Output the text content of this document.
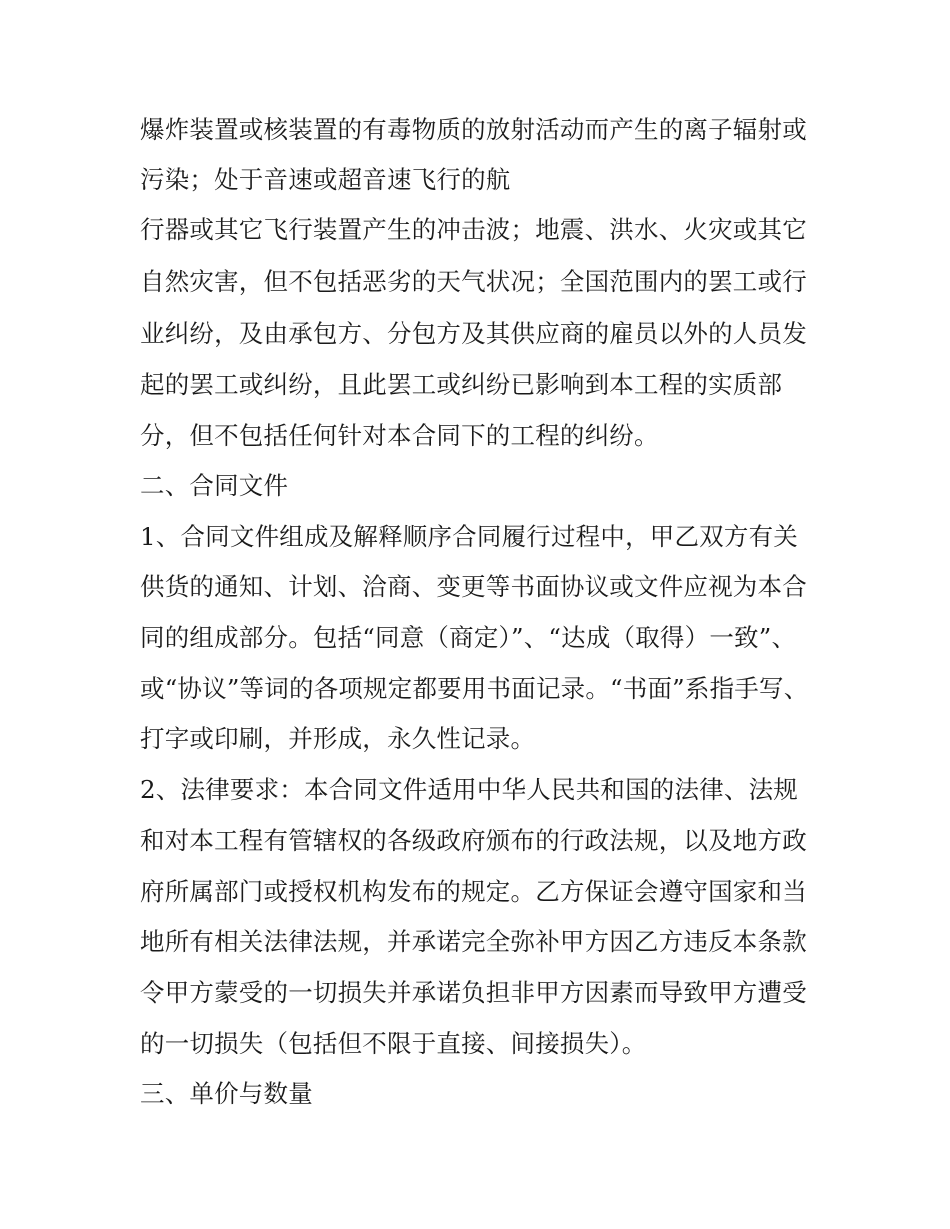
爆炸装置或核装置的有毒物质的放射活动而产生的离子辐射或
污染；处于音速或超音速飞行的航
行器或其它飞行装置产生的冲击波；地震、洪水、火灾或其它
自然灾害，但不包括恶劣的天气状况；全国范围内的罢工或行
业纠纷，及由承包方、分包方及其供应商的雇员以外的人员发
起的罢工或纠纷，且此罢工或纠纷已影响到本工程的实质部
分，但不包括任何针对本合同下的工程的纠纷。
二、合同文件
1、合同文件组成及解释顺序合同履行过程中，甲乙双方有关
供货的通知、计划、洽商、变更等书面协议或文件应视为本合
同的组成部分。包括“同意（商定）”、“达成（取得）一致”、
或“协议”等词的各项规定都要用书面记录。“书面”系指手写、
打字或印刷，并形成，永久性记录。
2、法律要求：本合同文件适用中华人民共和国的法律、法规
和对本工程有管辖权的各级政府颁布的行政法规，以及地方政
府所属部门或授权机构发布的规定。乙方保证会遵守国家和当
地所有相关法律法规，并承诺完全弥补甲方因乙方违反本条款
令甲方蒙受的一切损失并承诺负担非甲方因素而导致甲方遭受
的一切损失（包括但不限于直接、间接损失）。
三、单价与数量
